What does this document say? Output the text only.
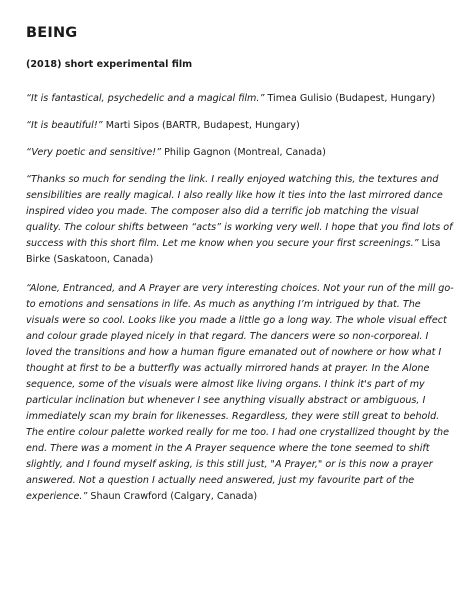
BEING

(2018) short experimental film

“It is fantastical, psychedelic and a magical film.” Timea Gulisio (Budapest, Hungary)

“It is beautiful!” Marti Sipos (BARTR, Budapest, Hungary)

“Very poetic and sensitive!” Philip Gagnon (Montreal, Canada)

“Thanks so much for sending the link. I really enjoyed watching this, the textures and sensibilities are really magical. I also really like how it ties into the last mirrored dance inspired video you made. The composer also did a terrific job matching the visual quality. The colour shifts between “acts” is working very well. I hope that you find lots of success with this short film. Let me know when you secure your first screenings.” Lisa Birke (Saskatoon, Canada)

“Alone, Entranced, and A Prayer are very interesting choices. Not your run of the mill go-to emotions and sensations in life. As much as anything I’m intrigued by that. The visuals were so cool. Looks like you made a little go a long way. The whole visual effect and colour grade played nicely in that regard. The dancers were so non-corporeal. I loved the transitions and how a human figure emanated out of nowhere or how what I thought at first to be a butterfly was actually mirrored hands at prayer. In the Alone sequence, some of the visuals were almost like living organs. I think it's part of my particular inclination but whenever I see anything visually abstract or ambiguous, I immediately scan my brain for likenesses. Regardless, they were still great to behold. The entire colour palette worked really for me too. I had one crystallized thought by the end. There was a moment in the A Prayer sequence where the tone seemed to shift slightly, and I found myself asking, is this still just, "A Prayer," or is this now a prayer answered. Not a question I actually need answered, just my favourite part of the experience.” Shaun Crawford (Calgary, Canada)
